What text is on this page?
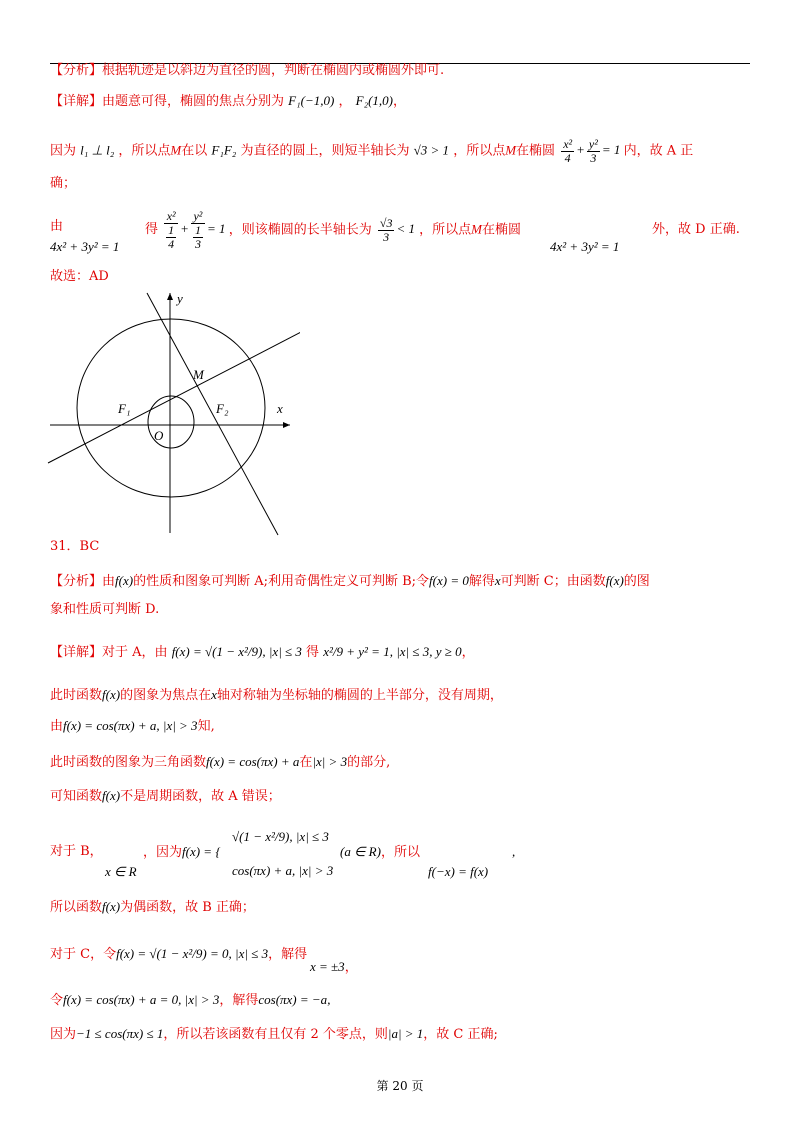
【分析】根据轨迹是以斜边为直径的圆，判断在椭圆内或椭圆外即可.
【详解】由题意可得，椭圆的焦点分别为 F₁(−1,0) ， F₂(1,0)，
因为 l₁ ⊥ l₂ ，所以点M在以 F₁F₂ 为直径的圆上，则短半轴长为 √3 > 1 ，所以点M在椭圆 $\frac{\text{x²}}{4} + \frac{\text{y²}}{3} = 1$ 内，故 A 正
确；
由
4x² + 3y² = 1
得 x²
1
4 + y²
1
3 = 1 ，则该椭圆的长半轴长为 $\frac{√3}{3} < 1$ ，所以点M在椭圆
4x² + 3y² = 1
外，故 D 正确.
故选：AD
y
x
M
F₁	F₂
O
31．BC
【分析】由f(x)的性质和图象可判断 A;利用奇偶性定义可判断 B;令f(x) = 0解得x可判断 C；由函数f(x)的图
象和性质可判断 D.
【详解】对于 A，由 f(x) = √(1 − x²/9), |x| ≤ 3 得 x²/9 + y² = 1, |x| ≤ 3, y ≥ 0，
此时函数f(x)的图象为焦点在x轴对称轴为坐标轴的椭圆的上半部分，没有周期，
由f(x) = cos(πx) + a, |x| > 3知,
此时函数的图象为三角函数f(x) = cos(πx) + a在|x| > 3的部分,
可知函数f(x)不是周期函数，故 A 错误；
对于 B，
x ∈ R
，因为f(x) = {
√(1 − x²/9), |x| ≤ 3
cos(πx) + a, |x| > 3
(a ∈ R)，所以
f(−x) = f(x)
,
所以函数f(x)为偶函数，故 B 正确；
对于 C，令f(x) = √(1 − x²/9) = 0, |x| ≤ 3，解得
x = ±3，
令f(x) = cos(πx) + a = 0, |x| > 3，解得cos(πx) = −a,
因为−1 ≤ cos(πx) ≤ 1，所以若该函数有且仅有 2 个零点，则|a| > 1，故 C 正确;
第 20 页
